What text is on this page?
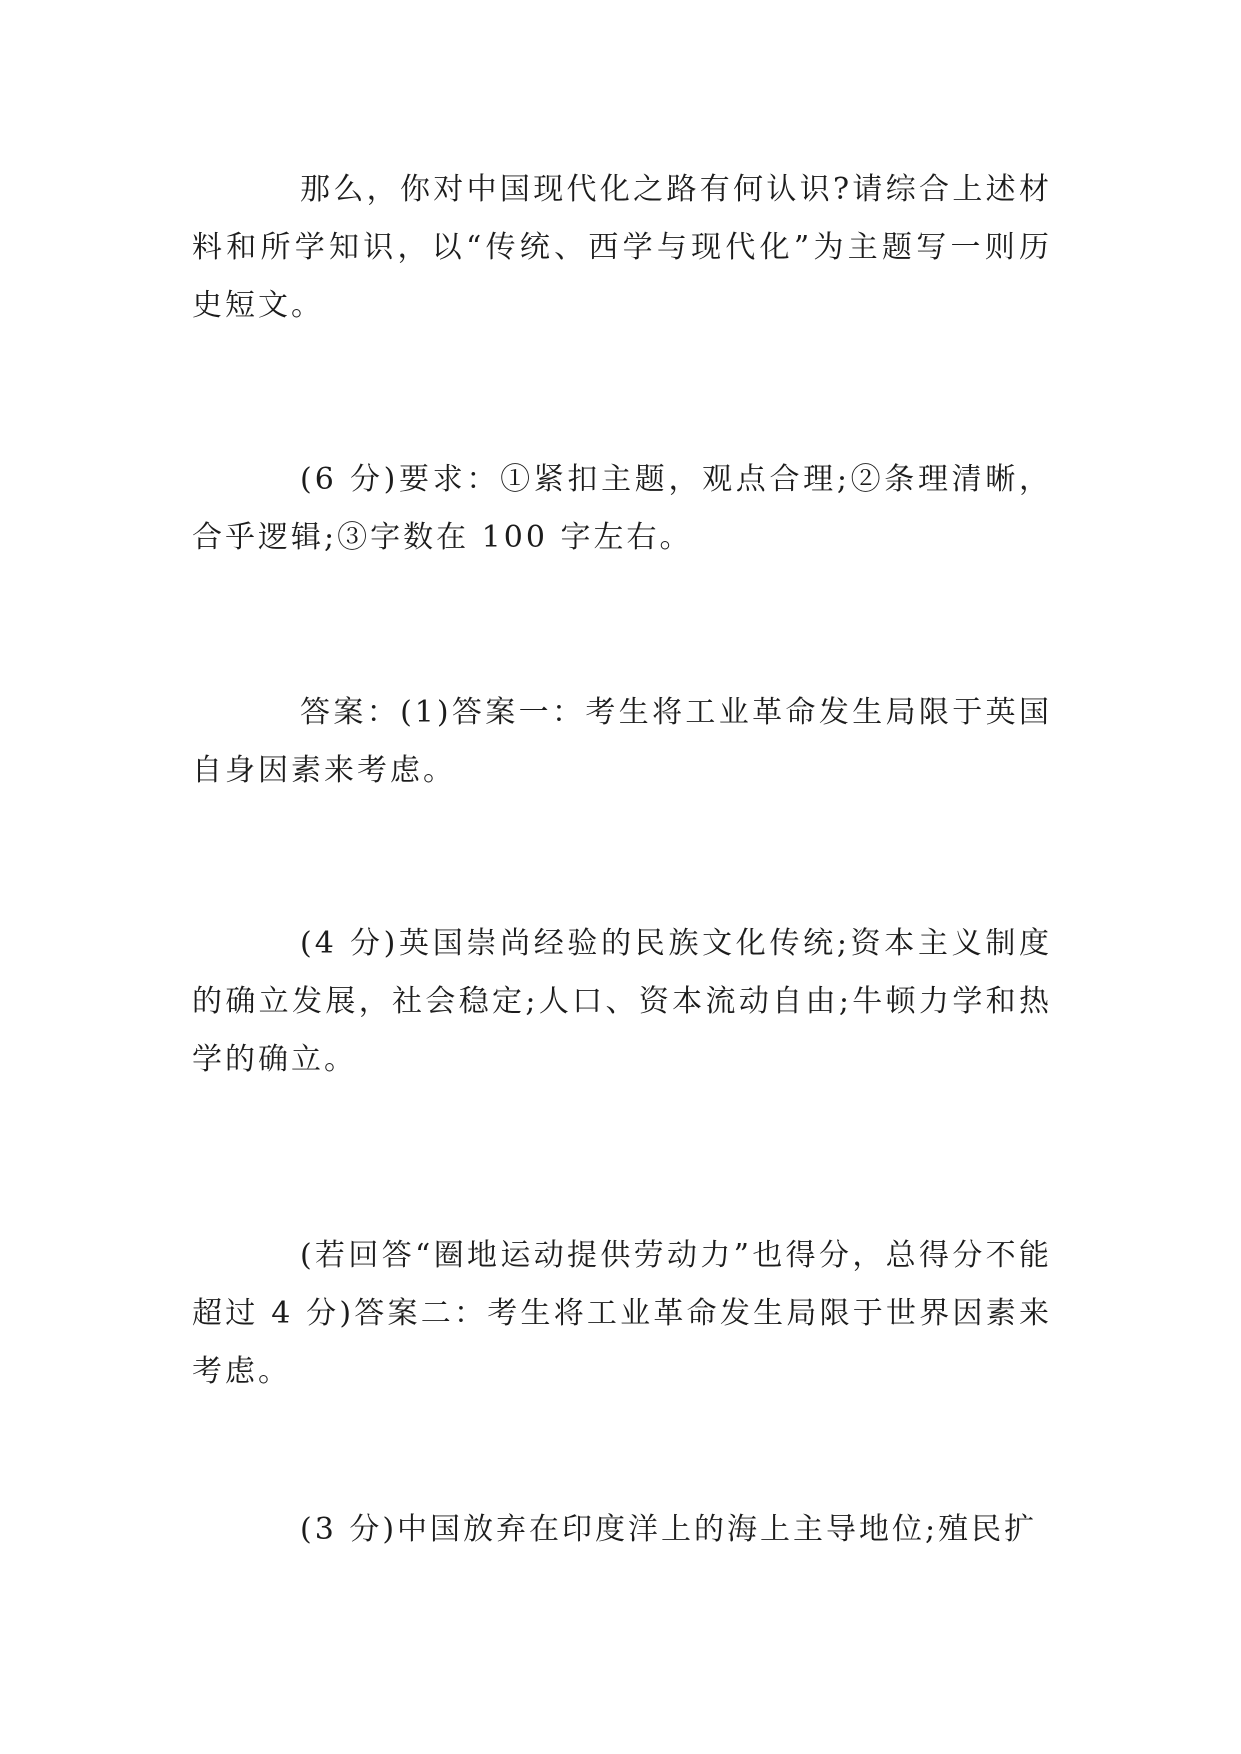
那么，你对中国现代化之路有何认识?请综合上述材料和所学知识，以“传统、西学与现代化”为主题写一则历史短文。

(6 分)要求：①紧扣主题，观点合理;②条理清晰，合乎逻辑;③字数在 100 字左右。

答案：(1)答案一：考生将工业革命发生局限于英国自身因素来考虑。

(4 分)英国崇尚经验的民族文化传统;资本主义制度的确立发展，社会稳定;人口、资本流动自由;牛顿力学和热学的确立。

(若回答“圈地运动提供劳动力”也得分，总得分不能超过 4 分)答案二：考生将工业革命发生局限于世界因素来考虑。

(3 分)中国放弃在印度洋上的海上主导地位;殖民扩
